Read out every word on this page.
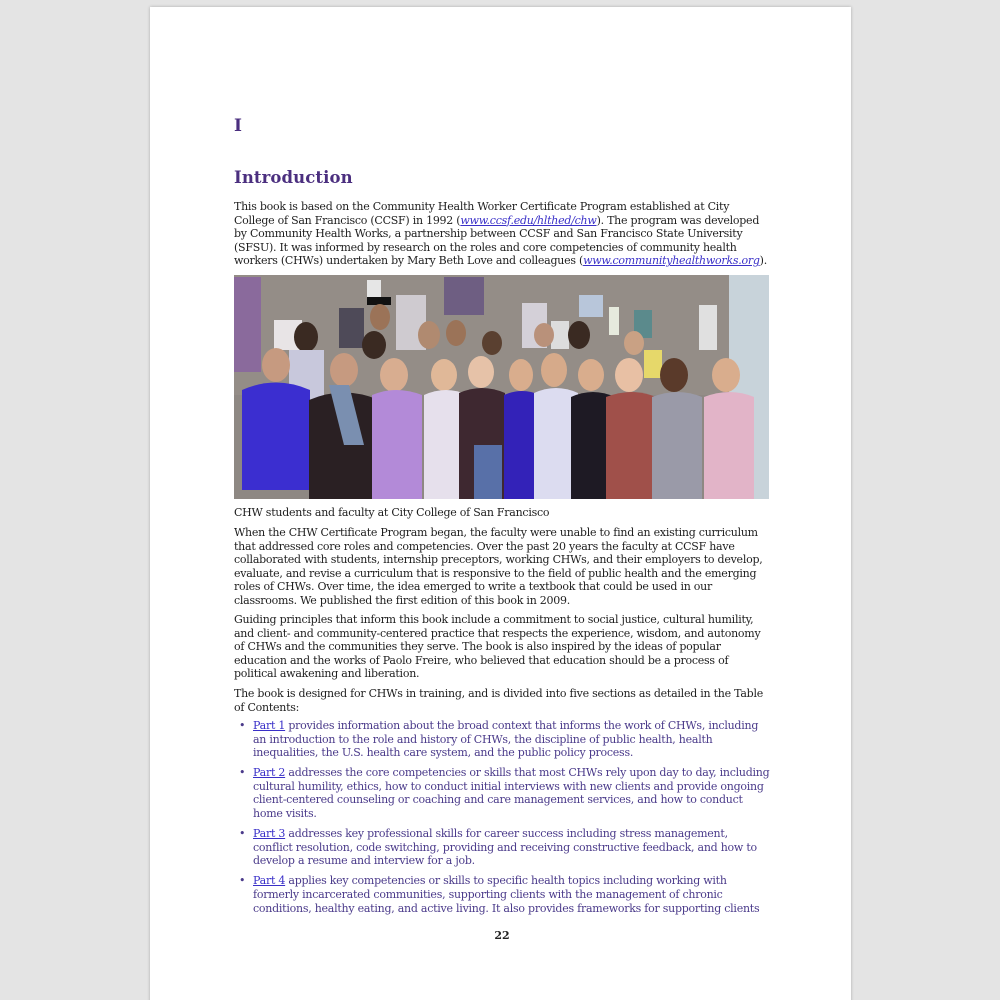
I
Introduction

This book is based on the Community Health Worker Certificate Program established at City College of San Francisco (CCSF) in 1992 (www.ccsf.edu/hlthed/chw). The program was developed by Community Health Works, a partnership between CCSF and San Francisco State University (SFSU). It was informed by research on the roles and core competencies of community health workers (CHWs) undertaken by Mary Beth Love and colleagues (www.communityhealthworks.org).

CHW students and faculty at City College of San Francisco

When the CHW Certificate Program began, the faculty were unable to find an existing curriculum that addressed core roles and competencies. Over the past 20 years the faculty at CCSF have collaborated with students, internship preceptors, working CHWs, and their employers to develop, evaluate, and revise a curriculum that is responsive to the field of public health and the emerging roles of CHWs. Over time, the idea emerged to write a textbook that could be used in our classrooms. We published the first edition of this book in 2009.

Guiding principles that inform this book include a commitment to social justice, cultural humility, and client- and community-centered practice that respects the experience, wisdom, and autonomy of CHWs and the communities they serve. The book is also inspired by the ideas of popular education and the works of Paolo Freire, who believed that education should be a process of political awakening and liberation.

The book is designed for CHWs in training, and is divided into five sections as detailed in the Table of Contents:

• Part 1 provides information about the broad context that informs the work of CHWs, including an introduction to the role and history of CHWs, the discipline of public health, health inequalities, the U.S. health care system, and the public policy process.
• Part 2 addresses the core competencies or skills that most CHWs rely upon day to day, including cultural humility, ethics, how to conduct initial interviews with new clients and provide ongoing client-centered counseling or coaching and care management services, and how to conduct home visits.
• Part 3 addresses key professional skills for career success including stress management, conflict resolution, code switching, providing and receiving constructive feedback, and how to develop a resume and interview for a job.
• Part 4 applies key competencies or skills to specific health topics including working with formerly incarcerated communities, supporting clients with the management of chronic conditions, healthy eating, and active living. It also provides frameworks for supporting clients
22
